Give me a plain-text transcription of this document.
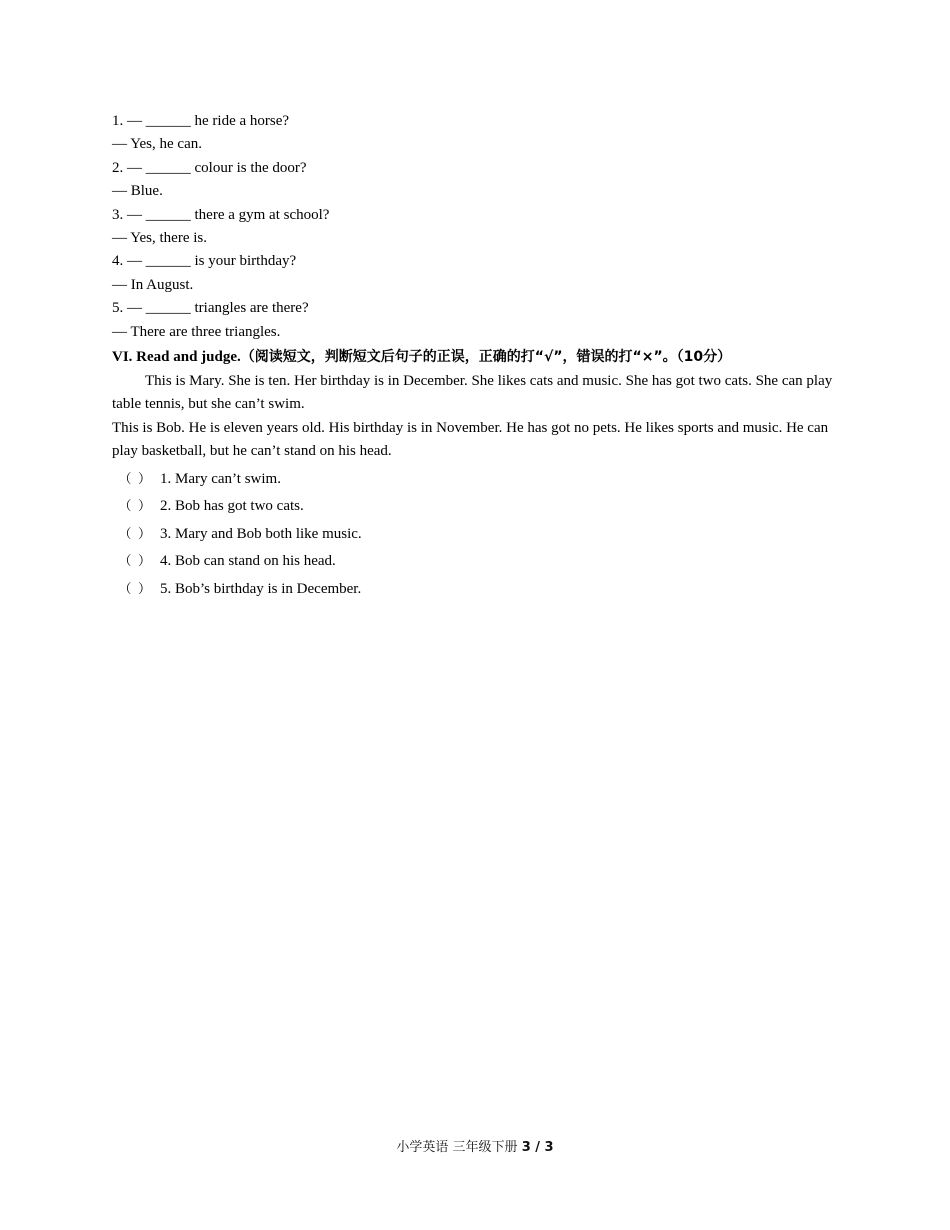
1. — ______ he ride a horse?
— Yes, he can.
2. — ______ colour is the door?
— Blue.
3. — ______ there a gym at school?
— Yes, there is.
4. — ______ is your birthday?
— In August.
5. — ______ triangles are there?
— There are three triangles.
VI. Read and judge.（阅读短文，判断短文后句子的正误，正确的打“√”，错误的打“×”。（10分）
This is Mary. She is ten. Her birthday is in December. She likes cats and music. She has got two cats. She can play table tennis, but she can’t swim.
This is Bob. He is eleven years old. His birthday is in November. He has got no pets. He likes sports and music. He can play basketball, but he can’t stand on his head.
（ ） 1. Mary can’t swim.
（ ） 2. Bob has got two cats.
（ ） 3. Mary and Bob both like music.
（ ） 4. Bob can stand on his head.
（ ） 5. Bob’s birthday is in December.
小学英语 三年级下册 3 / 3
